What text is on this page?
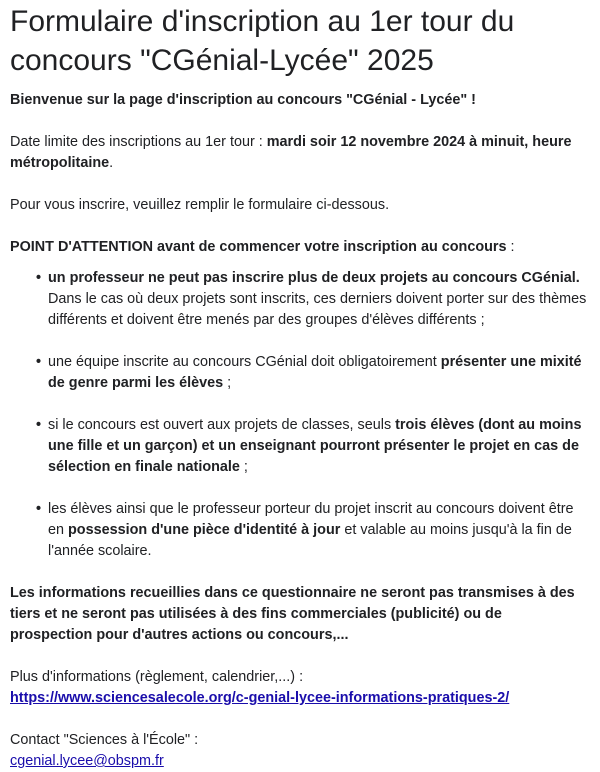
Formulaire d'inscription au 1er tour du concours "CGénial-Lycée" 2025

Bienvenue sur la page d'inscription au concours "CGénial - Lycée" !

Date limite des inscriptions au 1er tour : mardi soir 12 novembre 2024 à minuit, heure métropolitaine.

Pour vous inscrire, veuillez remplir le formulaire ci-dessous.

POINT D'ATTENTION avant de commencer votre inscription au concours :

• un professeur ne peut pas inscrire plus de deux projets au concours CGénial. Dans le cas où deux projets sont inscrits, ces derniers doivent porter sur des thèmes différents et doivent être menés par des groupes d'élèves différents ;
• une équipe inscrite au concours CGénial doit obligatoirement présenter une mixité de genre parmi les élèves ;
• si le concours est ouvert aux projets de classes, seuls trois élèves (dont au moins une fille et un garçon) et un enseignant pourront présenter le projet en cas de sélection en finale nationale ;
• les élèves ainsi que le professeur porteur du projet inscrit au concours doivent être en possession d'une pièce d'identité à jour et valable au moins jusqu'à la fin de l'année scolaire.

Les informations recueillies dans ce questionnaire ne seront pas transmises à des tiers et ne seront pas utilisées à des fins commerciales (publicité) ou de prospection pour d'autres actions ou concours,...

Plus d'informations (règlement, calendrier,...) :
https://www.sciencesalecole.org/c-genial-lycee-informations-pratiques-2/

Contact "Sciences à l'École" :
cgenial.lycee@obspm.fr
